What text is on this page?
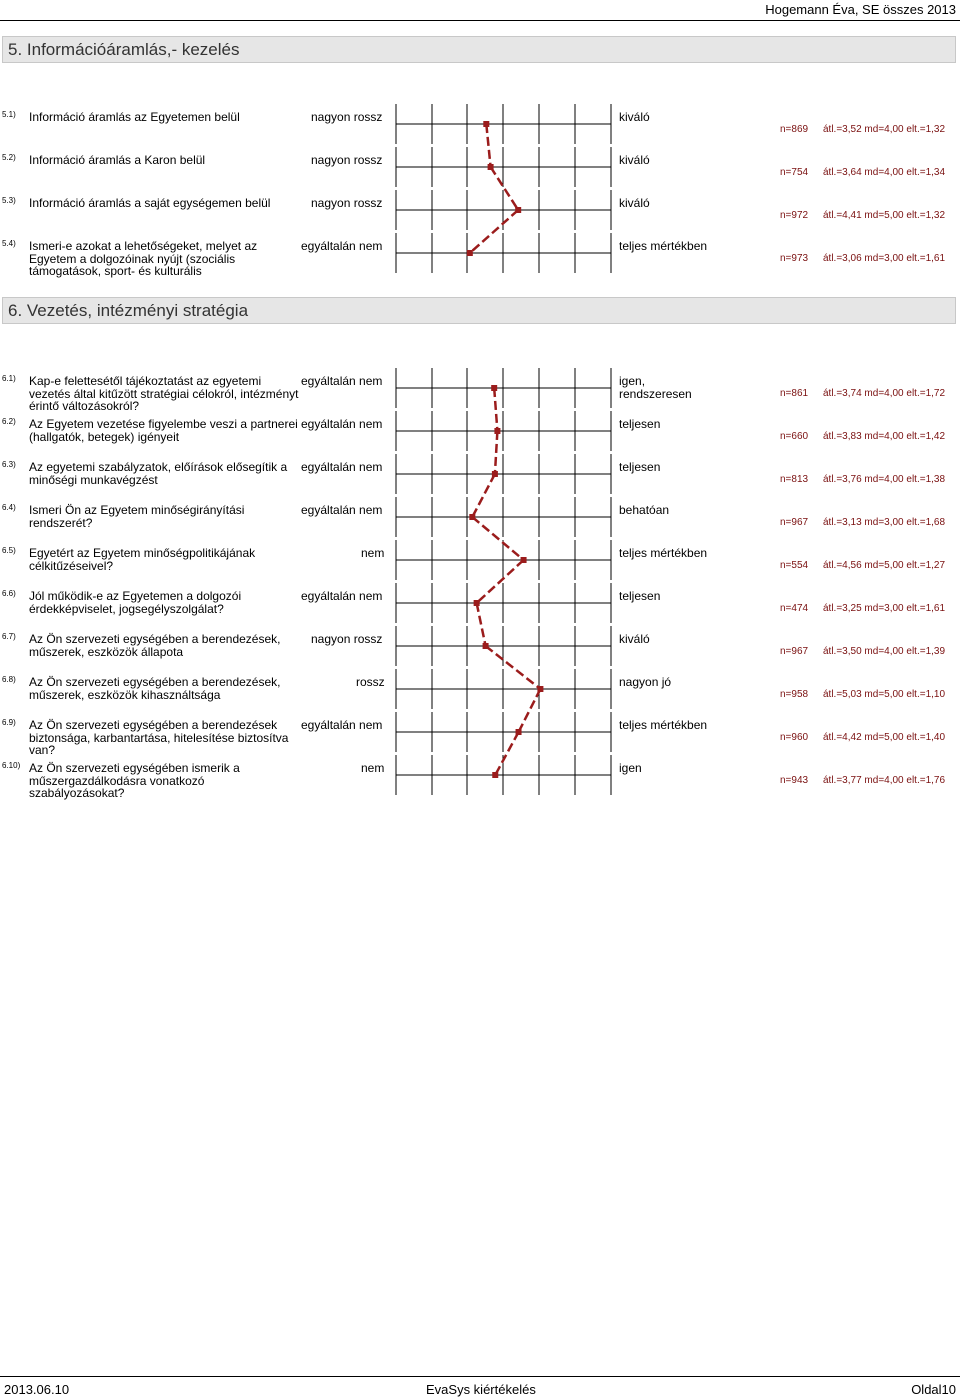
Hogemann Éva, SE összes 2013
5. Információáramlás,- kezelés
6. Vezetés, intézményi stratégia
5.1) Információ áramlás az Egyetemen belül	nagyon rossz	kiváló
n=869 átl.=3,52 md=4,00 elt.=1,32
5.2) Információ áramlás a Karon belül	nagyon rossz	kiváló
n=754 átl.=3,64 md=4,00 elt.=1,34
5.3) Információ áramlás a saját egységemen belül	nagyon rossz	kiváló
n=972 átl.=4,41 md=5,00 elt.=1,32
5.4) Ismeri-e azokat a lehetőségeket, melyet az Egyetem a dolgozóinak nyújt (szociális támogatások, sport- és kulturális
egyáltalán nem	teljes mértékben
n=973 átl.=3,06 md=3,00 elt.=1,61
6.1) Kap-e felettesétől tájékoztatást az egyetemi vezetés által kitűzött stratégiai célokról, intézményt érintő változásokról?
egyáltalán nem	igen, rendszeresen	n=861 átl.=3,74 md=4,00 elt.=1,72
6.2) Az Egyetem vezetése figyelembe veszi a partnerei (hallgatók, betegek) igényeit
egyáltalán nem	teljesen
n=660 átl.=3,83 md=4,00 elt.=1,42
6.3) Az egyetemi szabályzatok, előírások elősegítik a minőségi munkavégzést
egyáltalán nem	teljesen
n=813 átl.=3,76 md=4,00 elt.=1,38
6.4) Ismeri Ön az Egyetem minőségirányítási rendszerét?
egyáltalán nem	behatóan
n=967 átl.=3,13 md=3,00 elt.=1,68
6.5) Egyetért az Egyetem minőségpolitikájának célkitűzéseivel?
nem	teljes mértékben
n=554 átl.=4,56 md=5,00 elt.=1,27
6.6) Jól működik-e az Egyetemen a dolgozói érdekképviselet, jogsegélyszolgálat?
egyáltalán nem	teljesen
n=474 átl.=3,25 md=3,00 elt.=1,61
6.7) Az Ön szervezeti egységében a berendezések, műszerek, eszközök állapota
nagyon rossz	kiváló
n=967 átl.=3,50 md=4,00 elt.=1,39
6.8) Az Ön szervezeti egységében a berendezések, műszerek, eszközök kihasználtsága
rossz	nagyon jó
n=958 átl.=5,03 md=5,00 elt.=1,10
6.9) Az Ön szervezeti egységében a berendezések biztonsága, karbantartása, hitelesítése biztosítva van?
egyáltalán nem	teljes mértékben
n=960 átl.=4,42 md=5,00 elt.=1,40
6.10) Az Ön szervezeti egységében ismerik a műszergazdálkodásra vonatkozó szabályozásokat?
nem	igen
n=943 átl.=3,77 md=4,00 elt.=1,76
2013.06.10	EvaSys kiértékelés	Oldal10
